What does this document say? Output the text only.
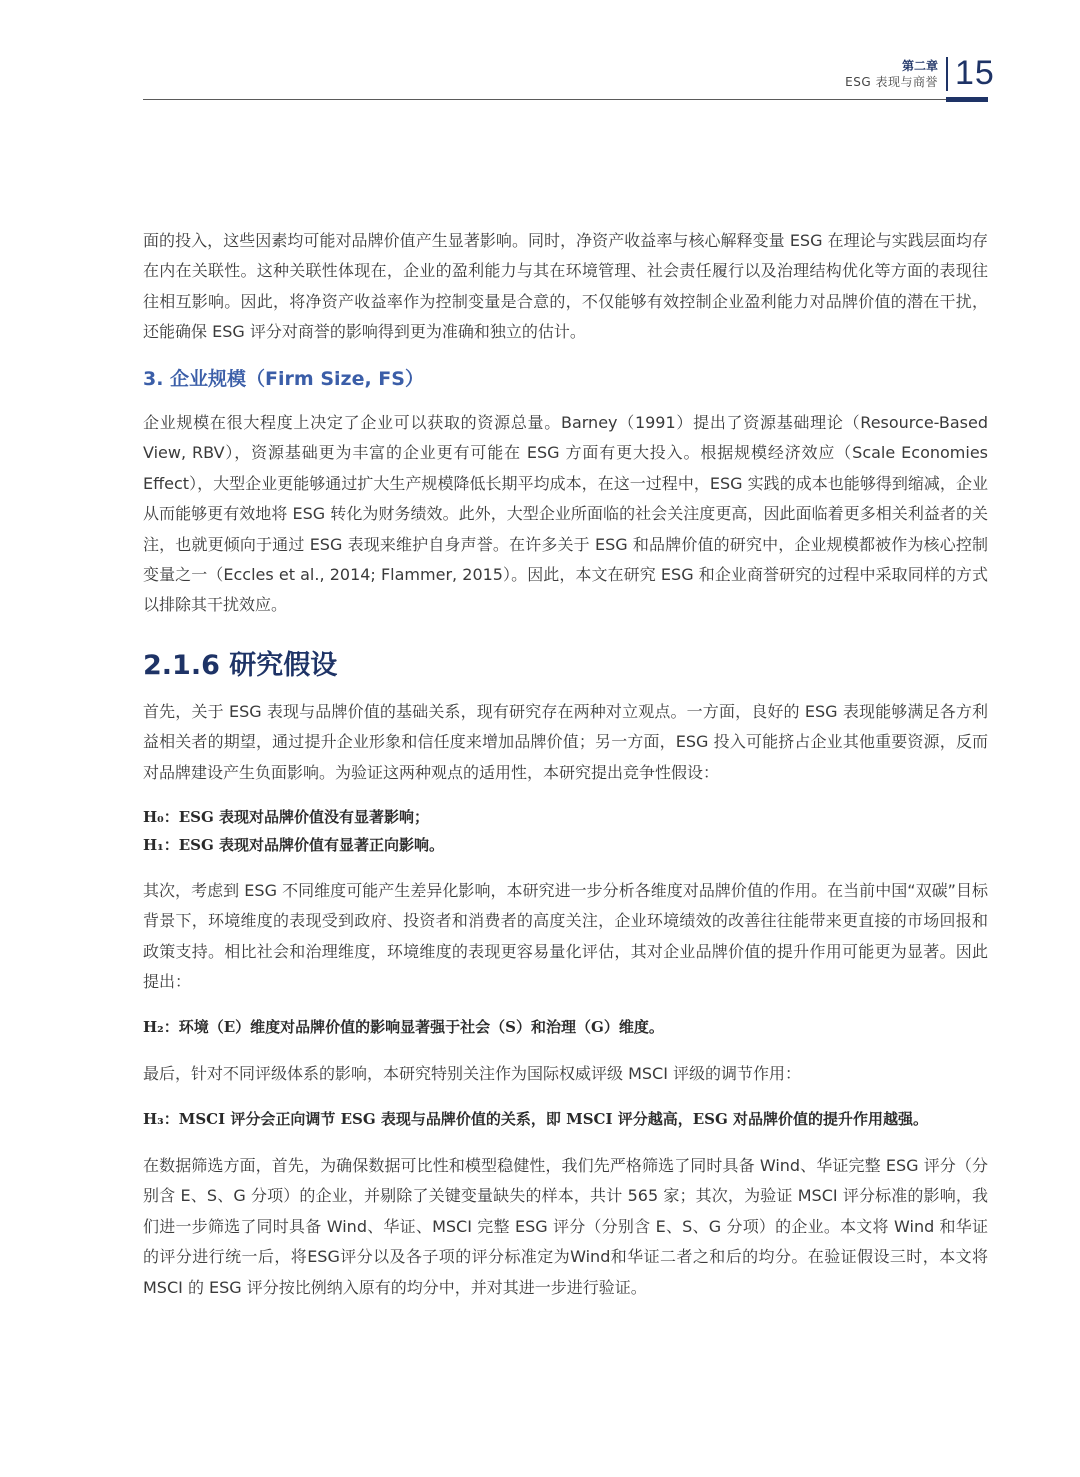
第二章
ESG 表现与商誉 15

面的投入，这些因素均可能对品牌价值产生显著影响。同时，净资产收益率与核心解释变量 ESG 在理论与实践层面均存在内在关联性。这种关联性体现在，企业的盈利能力与其在环境管理、社会责任履行以及治理结构优化等方面的表现往往相互影响。因此，将净资产收益率作为控制变量是合意的，不仅能够有效控制企业盈利能力对品牌价值的潜在干扰，还能确保 ESG 评分对商誉的影响得到更为准确和独立的估计。

3. 企业规模（Firm Size, FS）

企业规模在很大程度上决定了企业可以获取的资源总量。Barney（1991）提出了资源基础理论（Resource-Based View, RBV），资源基础更为丰富的企业更有可能在 ESG 方面有更大投入。根据规模经济效应（Scale Economies Effect），大型企业更能够通过扩大生产规模降低长期平均成本，在这一过程中，ESG 实践的成本也能够得到缩减，企业从而能够更有效地将 ESG 转化为财务绩效。此外，大型企业所面临的社会关注度更高，因此面临着更多相关利益者的关注，也就更倾向于通过 ESG 表现来维护自身声誉。在许多关于 ESG 和品牌价值的研究中，企业规模都被作为核心控制变量之一（Eccles et al., 2014; Flammer, 2015）。因此，本文在研究 ESG 和企业商誉研究的过程中采取同样的方式以排除其干扰效应。

2.1.6 研究假设

首先，关于 ESG 表现与品牌价值的基础关系，现有研究存在两种对立观点。一方面，良好的 ESG 表现能够满足各方利益相关者的期望，通过提升企业形象和信任度来增加品牌价值；另一方面，ESG 投入可能挤占企业其他重要资源，反而对品牌建设产生负面影响。为验证这两种观点的适用性，本研究提出竞争性假设：

H₀：ESG 表现对品牌价值没有显著影响；
H₁：ESG 表现对品牌价值有显著正向影响。

其次，考虑到 ESG 不同维度可能产生差异化影响，本研究进一步分析各维度对品牌价值的作用。在当前中国“双碳”目标背景下，环境维度的表现受到政府、投资者和消费者的高度关注，企业环境绩效的改善往往能带来更直接的市场回报和政策支持。相比社会和治理维度，环境维度的表现更容易量化评估，其对企业品牌价值的提升作用可能更为显著。因此提出：

H₂：环境（E）维度对品牌价值的影响显著强于社会（S）和治理（G）维度。

最后，针对不同评级体系的影响，本研究特别关注作为国际权威评级 MSCI 评级的调节作用：

H₃：MSCI 评分会正向调节 ESG 表现与品牌价值的关系，即 MSCI 评分越高，ESG 对品牌价值的提升作用越强。

在数据筛选方面，首先，为确保数据可比性和模型稳健性，我们先严格筛选了同时具备 Wind、华证完整 ESG 评分（分别含 E、S、G 分项）的企业，并剔除了关键变量缺失的样本，共计 565 家；其次，为验证 MSCI 评分标准的影响，我们进一步筛选了同时具备 Wind、华证、MSCI 完整 ESG 评分（分别含 E、S、G 分项）的企业。本文将 Wind 和华证的评分进行统一后，将ESG评分以及各子项的评分标准定为Wind和华证二者之和后的均分。在验证假设三时，本文将 MSCI 的 ESG 评分按比例纳入原有的均分中，并对其进一步进行验证。
